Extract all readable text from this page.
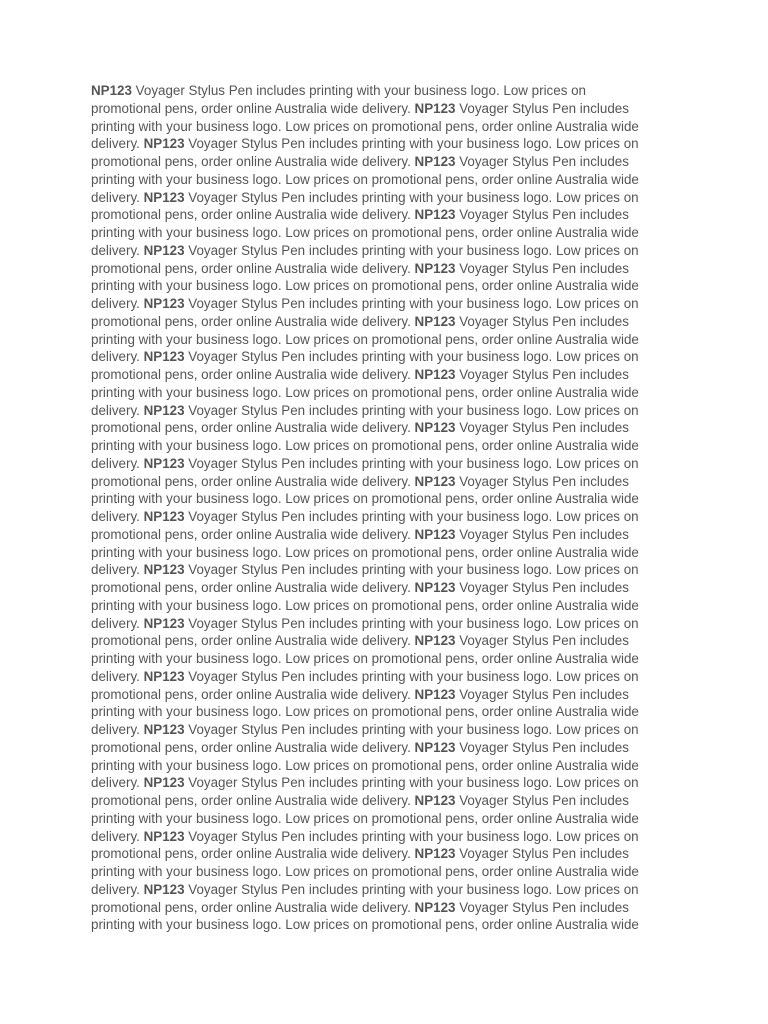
NP123 Voyager Stylus Pen includes printing with your business logo. Low prices on
promotional pens, order online Australia wide delivery. NP123 Voyager Stylus Pen includes
printing with your business logo. Low prices on promotional pens, order online Australia wide
delivery. NP123 Voyager Stylus Pen includes printing with your business logo. Low prices on
promotional pens, order online Australia wide delivery. NP123 Voyager Stylus Pen includes
printing with your business logo. Low prices on promotional pens, order online Australia wide
delivery. NP123 Voyager Stylus Pen includes printing with your business logo. Low prices on
promotional pens, order online Australia wide delivery. NP123 Voyager Stylus Pen includes
printing with your business logo. Low prices on promotional pens, order online Australia wide
delivery. NP123 Voyager Stylus Pen includes printing with your business logo. Low prices on
promotional pens, order online Australia wide delivery. NP123 Voyager Stylus Pen includes
printing with your business logo. Low prices on promotional pens, order online Australia wide
delivery. NP123 Voyager Stylus Pen includes printing with your business logo. Low prices on
promotional pens, order online Australia wide delivery. NP123 Voyager Stylus Pen includes
printing with your business logo. Low prices on promotional pens, order online Australia wide
delivery. NP123 Voyager Stylus Pen includes printing with your business logo. Low prices on
promotional pens, order online Australia wide delivery. NP123 Voyager Stylus Pen includes
printing with your business logo. Low prices on promotional pens, order online Australia wide
delivery. NP123 Voyager Stylus Pen includes printing with your business logo. Low prices on
promotional pens, order online Australia wide delivery. NP123 Voyager Stylus Pen includes
printing with your business logo. Low prices on promotional pens, order online Australia wide
delivery. NP123 Voyager Stylus Pen includes printing with your business logo. Low prices on
promotional pens, order online Australia wide delivery. NP123 Voyager Stylus Pen includes
printing with your business logo. Low prices on promotional pens, order online Australia wide
delivery. NP123 Voyager Stylus Pen includes printing with your business logo. Low prices on
promotional pens, order online Australia wide delivery. NP123 Voyager Stylus Pen includes
printing with your business logo. Low prices on promotional pens, order online Australia wide
delivery. NP123 Voyager Stylus Pen includes printing with your business logo. Low prices on
promotional pens, order online Australia wide delivery. NP123 Voyager Stylus Pen includes
printing with your business logo. Low prices on promotional pens, order online Australia wide
delivery. NP123 Voyager Stylus Pen includes printing with your business logo. Low prices on
promotional pens, order online Australia wide delivery. NP123 Voyager Stylus Pen includes
printing with your business logo. Low prices on promotional pens, order online Australia wide
delivery. NP123 Voyager Stylus Pen includes printing with your business logo. Low prices on
promotional pens, order online Australia wide delivery. NP123 Voyager Stylus Pen includes
printing with your business logo. Low prices on promotional pens, order online Australia wide
delivery. NP123 Voyager Stylus Pen includes printing with your business logo. Low prices on
promotional pens, order online Australia wide delivery. NP123 Voyager Stylus Pen includes
printing with your business logo. Low prices on promotional pens, order online Australia wide
delivery. NP123 Voyager Stylus Pen includes printing with your business logo. Low prices on
promotional pens, order online Australia wide delivery. NP123 Voyager Stylus Pen includes
printing with your business logo. Low prices on promotional pens, order online Australia wide
delivery. NP123 Voyager Stylus Pen includes printing with your business logo. Low prices on
promotional pens, order online Australia wide delivery. NP123 Voyager Stylus Pen includes
printing with your business logo. Low prices on promotional pens, order online Australia wide
delivery. NP123 Voyager Stylus Pen includes printing with your business logo. Low prices on
promotional pens, order online Australia wide delivery. NP123 Voyager Stylus Pen includes
printing with your business logo. Low prices on promotional pens, order online Australia wide
